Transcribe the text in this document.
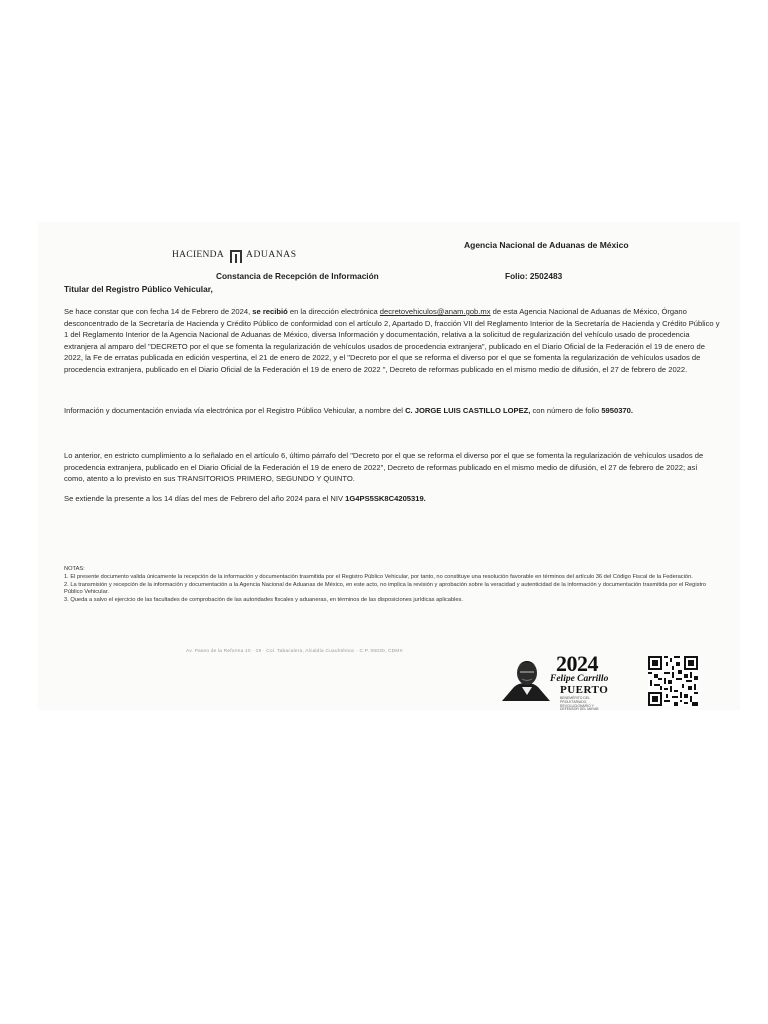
HACIENDA ADUANAS
Agencia Nacional de Aduanas de México
Constancia de Recepción de Información	Folio: 2502483
Titular del Registro Público Vehicular,
Se hace constar que con fecha 14 de Febrero de 2024, se recibió en la dirección electrónica decretovehiculos@anam.gob.mx de esta Agencia Nacional de Aduanas de México, Órgano desconcentrado de la Secretaría de Hacienda y Crédito Público de conformidad con el artículo 2, Apartado D, fracción VII del Reglamento Interior de la Secretaría de Hacienda y Crédito Público y 1 del Reglamento Interior de la Agencia Nacional de Aduanas de México, diversa Información y documentación, relativa a la solicitud de regularización del vehículo usado de procedencia extranjera al amparo del "DECRETO por el que se fomenta la regularización de vehículos usados de procedencia extranjera", publicado en el Diario Oficial de la Federación el 19 de enero de 2022, la Fe de erratas publicada en edición vespertina, el 21 de enero de 2022, y el "Decreto por el que se reforma el diverso por el que se fomenta la regularización de vehículos usados de procedencia extranjera, publicado en el Diario Oficial de la Federación el 19 de enero de 2022 ", Decreto de reformas publicado en el mismo medio de difusión, el 27 de febrero de 2022.
Información y documentación enviada vía electrónica por el Registro Público Vehicular, a nombre del C. JORGE LUIS CASTILLO LOPEZ, con número de folio 5950370.
Lo anterior, en estricto cumplimiento a lo señalado en el artículo 6, último párrafo del "Decreto por el que se reforma el diverso por el que se fomenta la regularización de vehículos usados de procedencia extranjera, publicado en el Diario Oficial de la Federación el 19 de enero de 2022", Decreto de reformas publicado en el mismo medio de difusión, el 27 de febrero de 2022; así como, atento a lo previsto en sus TRANSITORIOS PRIMERO, SEGUNDO Y QUINTO.
Se extiende la presente a los 14 días del mes de Febrero del año 2024 para el NIV 1G4PS5SK8C4205319.
NOTAS:
1. El presente documento valida únicamente la recepción de la información y documentación trasmitida por el Registro Público Vehicular, por tanto, no constituye una resolución favorable en términos del artículo 36 del Código Fiscal de la Federación.
2. La transmisión y recepción de la información y documentación a la Agencia Nacional de Aduanas de México, en este acto, no implica la revisión y aprobación sobre la veracidad y autenticidad de la información y documentación trasmitida por el Registro Público Vehicular.
3. Queda a salvo el ejercicio de las facultades de comprobación de las autoridades fiscales y aduaneras, en términos de las disposiciones jurídicas aplicables.
Av. Paseo de la Reforma 10 · 19 · Col. Tabacalera, Alcaldía Cuauhtémoc · C.P. 06030, CDMX	2024
Felipe Carrillo
PUERTO
BENEMÉRITO DEL PROLETARIADO, REVOLUCIONARIO Y DEFENSOR DEL MAYAB
